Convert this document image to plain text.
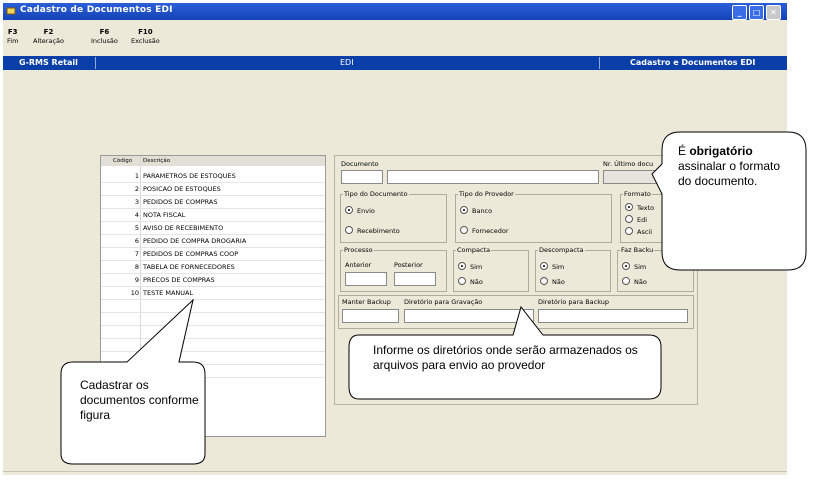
Cadastro de Documentos EDI	_	□	✕
F3
Fim
F2
Alteração
F6
Inclusão
F10
Exclusão
G-RMS Retail	EDI	Cadastro e Documentos EDI
Código Descrição
1 PARAMETROS DE ESTOQUES
2 POSICAO DE ESTOQUES
3 PEDIDOS DE COMPRAS
4 NOTA FISCAL
5 AVISO DE RECEBIMENTO
6 PEDIDO DE COMPRA DROGARIA
7 PEDIDOS DE COMPRAS COOP
8 TABELA DE FORNECEDORES
9 PRECOS DE COMPRAS
10 TESTE MANUAL
Documento	Nr. Último docu
Tipo do Documento
Envio
Recebimento
Tipo do Provedor
Banco
Fornecedor
Formato
Texto
Edi
Ascii
Processo
Anterior	Posterior
Compacta
Sim
Não
Descompacta
Sim
Não
Faz Backu
Sim
Não
Manter Backup Diretório para Gravação	Diretório para Backup
Cadastrar os documentos conforme figura
Informe os diretórios onde serão armazenados os arquivos para envio ao provedor
É obrigatório assinalar o formato do documento.
